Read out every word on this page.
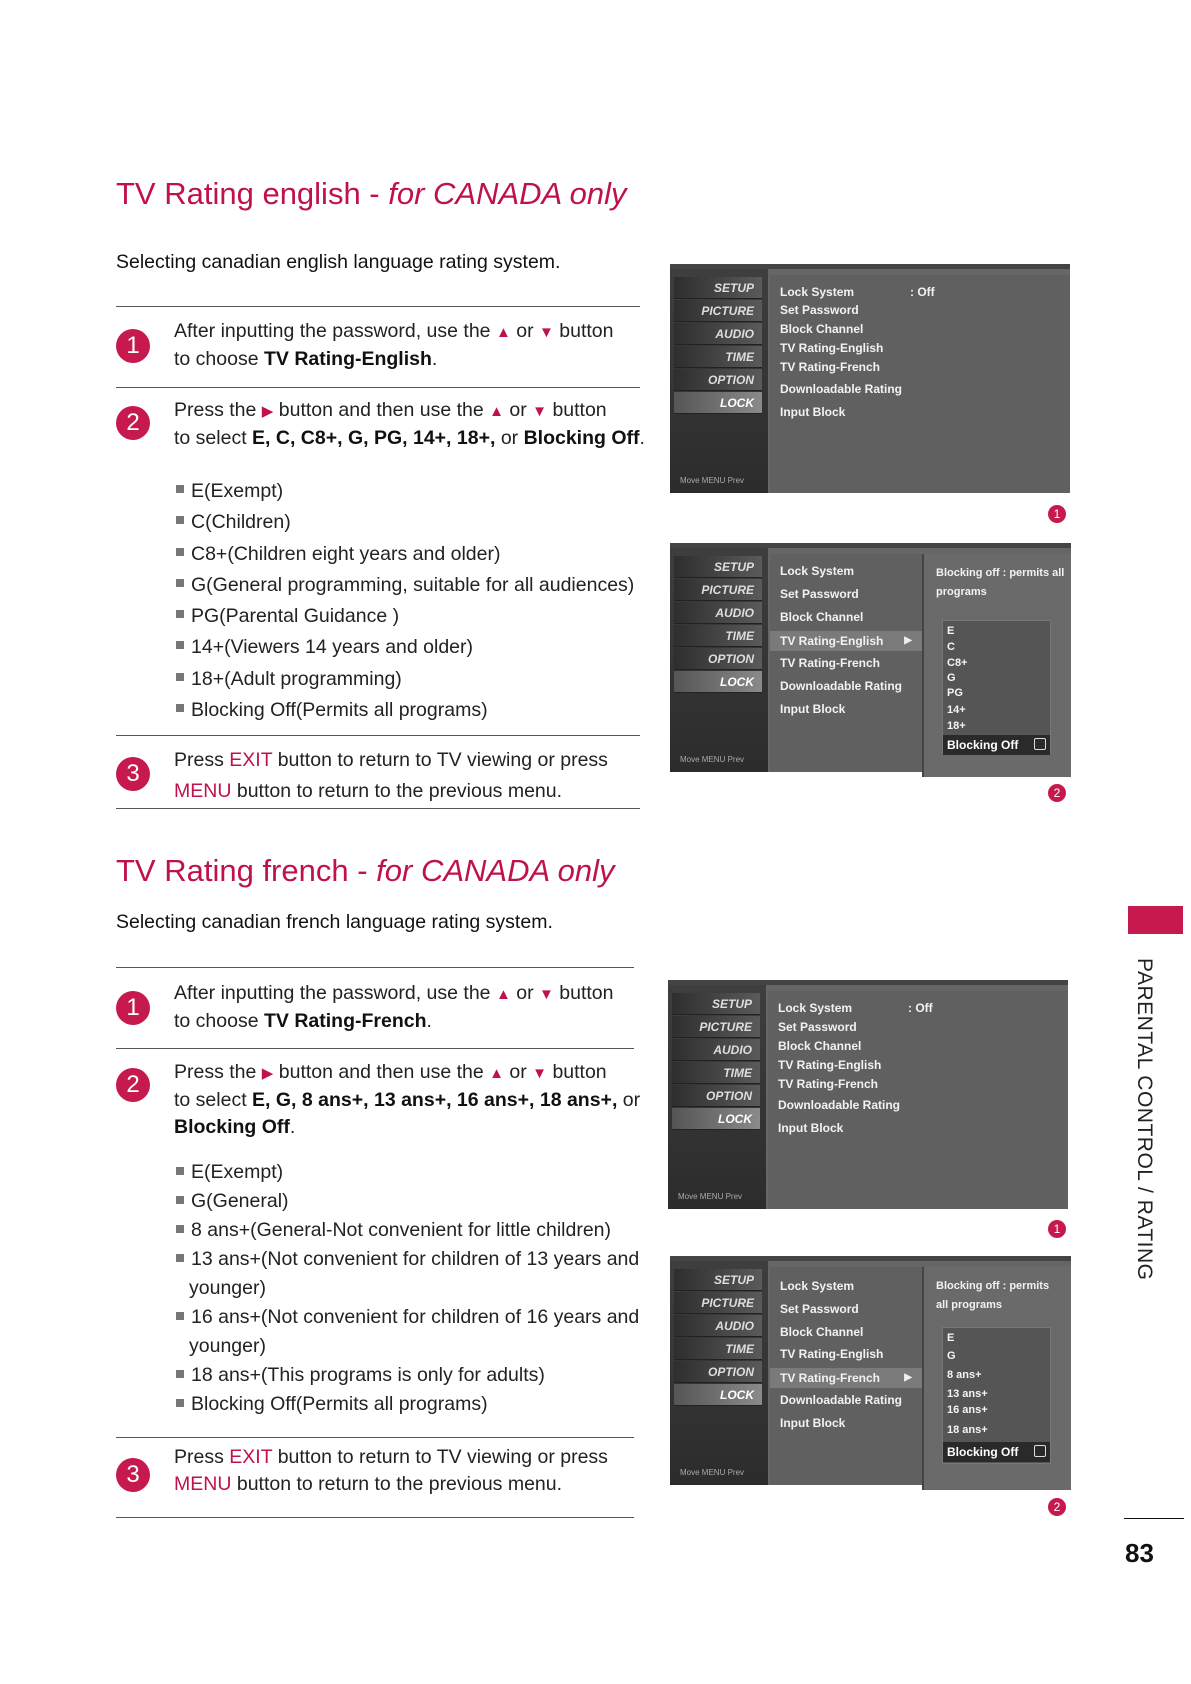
TV Rating english - for CANADA only
Selecting canadian english language rating system.
1
After inputting the password, use the ▲ or ▼ button
to choose TV Rating-English.
2	Press the ▶ button and then use the ▲ or ▼ button
to select E, C, C8+, G, PG, 14+, 18+, or Blocking Off.
E(Exempt)
C(Children)
C8+(Children eight years and older)
G(General programming, suitable for all audiences)
PG(Parental Guidance )
14+(Viewers 14 years and older)
18+(Adult programming)
Blocking Off(Permits all programs)
3	Press EXIT button to return to TV viewing or press
MENU button to return to the previous menu.
TV Rating french - for CANADA only
Selecting canadian french language rating system.
1
After inputting the password, use the ▲ or ▼ button
to choose TV Rating-French.
2	Press the ▶ button and then use the ▲ or ▼ button
to select E, G, 8 ans+, 13 ans+, 16 ans+, 18 ans+, or
Blocking Off.
E(Exempt)
G(General)
8 ans+(General-Not convenient for little children)
13 ans+(Not convenient for children of 13 years and
younger)
16 ans+(Not convenient for children of 16 years and
younger)
18 ans+(This programs is only for adults)
Blocking Off(Permits all programs)
3
Press EXIT button to return to TV viewing or press
MENU button to return to the previous menu.
SETUP
PICTURE
AUDIO
TIME
OPTION
LOCK
Move MENU Prev
Lock System	: Off
Set Password
Block Channel
TV Rating-English
TV Rating-French
Downloadable Rating
Input Block
1
SETUP
PICTURE
AUDIO
TIME
OPTION
LOCK
Move MENU Prev
Lock System
Set Password
Block Channel
TV Rating-English ▶
TV Rating-French
Downloadable Rating
Input Block
Blocking off : permits all programs
E
C
C8+
G
PG
14+
18+
Blocking Off
2
SETUP
PICTURE
AUDIO
TIME
OPTION
LOCK
Move MENU Prev
Lock System	: Off
Set Password
Block Channel
TV Rating-English
TV Rating-French
Downloadable Rating
Input Block
1
SETUP
PICTURE
AUDIO
TIME
OPTION
LOCK
Move MENU Prev
Lock System
Set Password
Block Channel
TV Rating-English
TV Rating-French ▶
Downloadable Rating
Input Block
Blocking off : permits all programs
E
G
8 ans+
13 ans+
16 ans+
18 ans+
Blocking Off
2
PARENTAL CONTROL / RATING
83
